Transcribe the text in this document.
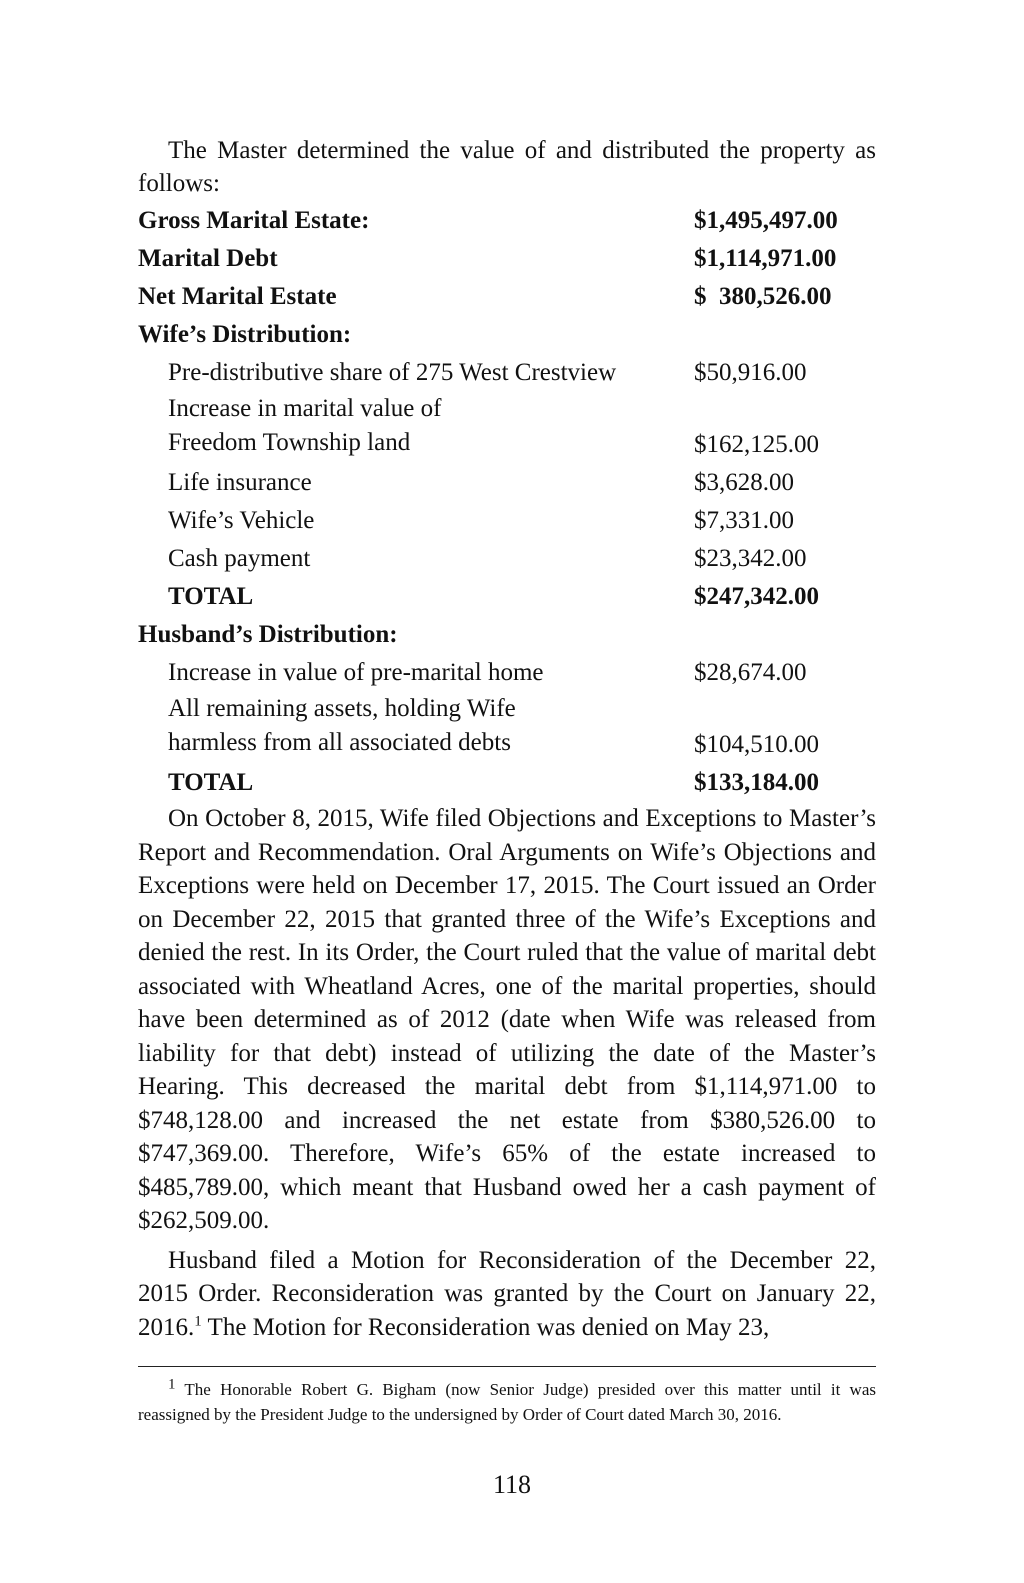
The Master determined the value of and distributed the property as follows:

Gross Marital Estate:	$1,495,497.00
Marital Debt	$1,114,971.00
Net Marital Estate	$  380,526.00
Wife’s Distribution:
Pre-distributive share of 275 West Crestview	$50,916.00
Increase in marital value of
Freedom Township land	$162,125.00
Life insurance	$3,628.00
Wife’s Vehicle	$7,331.00
Cash payment	$23,342.00
TOTAL	$247,342.00
Husband’s Distribution:
Increase in value of pre-marital home	$28,674.00
All remaining assets, holding Wife
harmless from all associated debts	$104,510.00
TOTAL	$133,184.00

On October 8, 2015, Wife filed Objections and Exceptions to Master’s Report and Recommendation. Oral Arguments on Wife’s Objections and Exceptions were held on December 17, 2015. The Court issued an Order on December 22, 2015 that granted three of the Wife’s Exceptions and denied the rest. In its Order, the Court ruled that the value of marital debt associated with Wheatland Acres, one of the marital properties, should have been determined as of 2012 (date when Wife was released from liability for that debt) instead of utilizing the date of the Master’s Hearing. This decreased the marital debt from $1,114,971.00 to $748,128.00 and increased the net estate from $380,526.00 to $747,369.00. Therefore, Wife’s 65% of the estate increased to $485,789.00, which meant that Husband owed her a cash payment of $262,509.00.

Husband filed a Motion for Reconsideration of the December 22, 2015 Order. Reconsideration was granted by the Court on January 22, 2016.$^1$ The Motion for Reconsideration was denied on May 23,

$^1$ The Honorable Robert G. Bigham (now Senior Judge) presided over this matter until it was reassigned by the President Judge to the undersigned by Order of Court dated March 30, 2016.

118
